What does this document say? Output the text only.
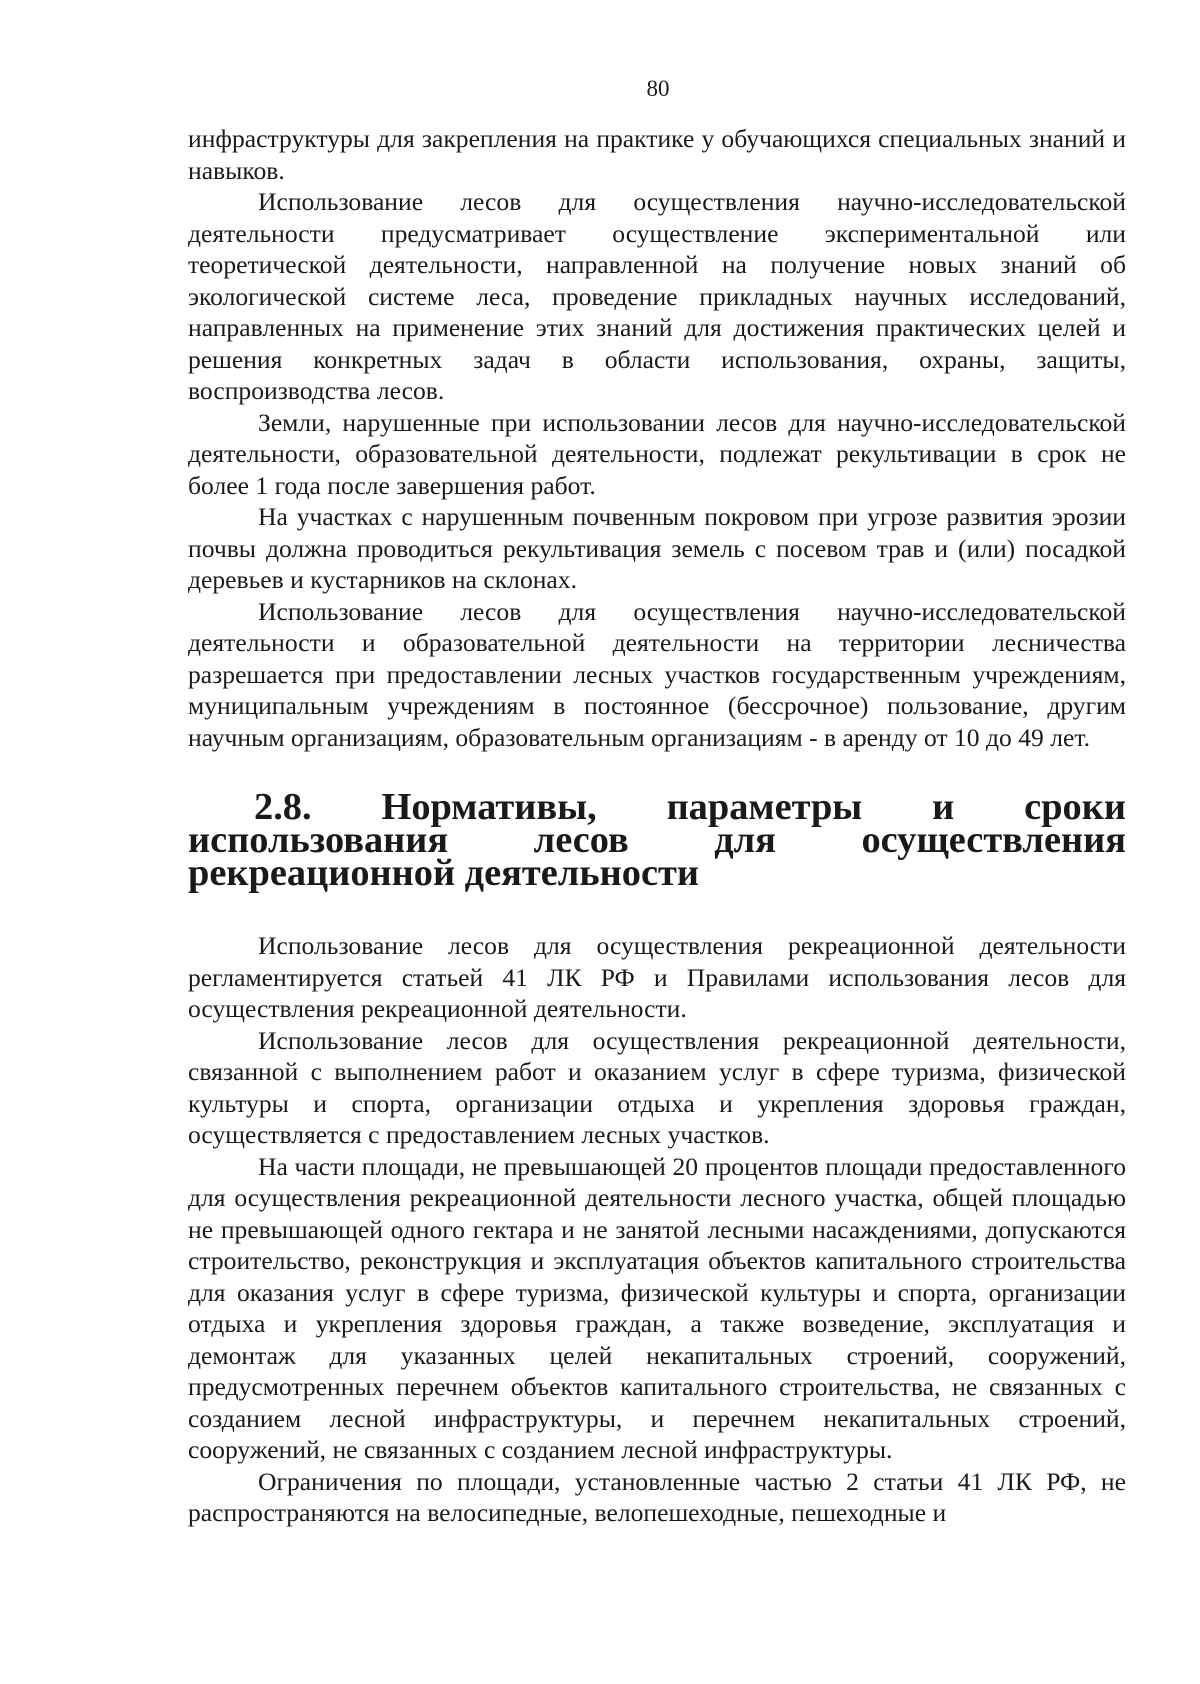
80

инфраструктуры для закрепления на практике у обучающихся специальных знаний и навыков.

Использование лесов для осуществления научно-исследовательской деятельности предусматривает осуществление экспериментальной или теоретической деятельности, направленной на получение новых знаний об экологической системе леса, проведение прикладных научных исследований, направленных на применение этих знаний для достижения практических целей и решения конкретных задач в области использования, охраны, защиты, воспроизводства лесов.

Земли, нарушенные при использовании лесов для научно-исследовательской деятельности, образовательной деятельности, подлежат рекультивации в срок не более 1 года после завершения работ.

На участках с нарушенным почвенным покровом при угрозе развития эрозии почвы должна проводиться рекультивация земель с посевом трав и (или) посадкой деревьев и кустарников на склонах.

Использование лесов для осуществления научно-исследовательской деятельности и образовательной деятельности на территории лесничества разрешается при предоставлении лесных участков государственным учреждениям, муниципальным учреждениям в постоянное (бессрочное) пользование, другим научным организациям, образовательным организациям - в аренду от 10 до 49 лет.

2.8. Нормативы, параметры и сроки использования лесов для осуществления рекреационной деятельности

Использование лесов для осуществления рекреационной деятельности регламентируется статьей 41 ЛК РФ и Правилами использования лесов для осуществления рекреационной деятельности.

Использование лесов для осуществления рекреационной деятельности, связанной с выполнением работ и оказанием услуг в сфере туризма, физической культуры и спорта, организации отдыха и укрепления здоровья граждан, осуществляется с предоставлением лесных участков.

На части площади, не превышающей 20 процентов площади предоставленного для осуществления рекреационной деятельности лесного участка, общей площадью не превышающей одного гектара и не занятой лесными насаждениями, допускаются строительство, реконструкция и эксплуатация объектов капитального строительства для оказания услуг в сфере туризма, физической культуры и спорта, организации отдыха и укрепления здоровья граждан, а также возведение, эксплуатация и демонтаж для указанных целей некапитальных строений, сооружений, предусмотренных перечнем объектов капитального строительства, не связанных с созданием лесной инфраструктуры, и перечнем некапитальных строений, сооружений, не связанных с созданием лесной инфраструктуры.

Ограничения по площади, установленные частью 2 статьи 41 ЛК РФ, не распространяются на велосипедные, велопешеходные, пешеходные и
